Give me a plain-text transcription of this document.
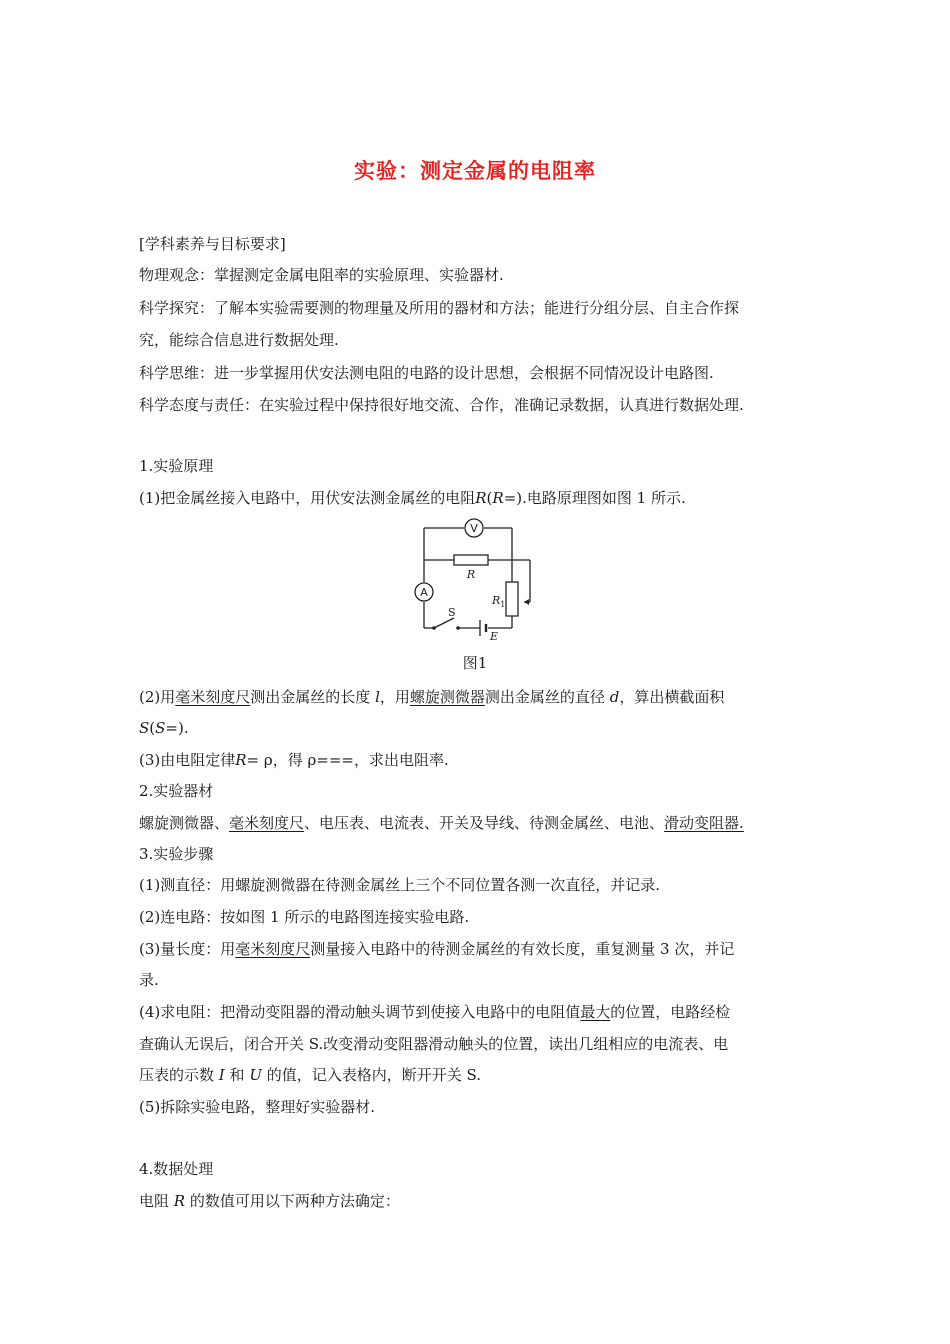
实验：测定金属的电阻率
[学科素养与目标要求]
物理观念：掌握测定金属电阻率的实验原理、实验器材.
科学探究：了解本实验需要测的物理量及所用的器材和方法；能进行分组分层、自主合作探
究，能综合信息进行数据处理.
科学思维：进一步掌握用伏安法测电阻的电路的设计思想，会根据不同情况设计电路图.
科学态度与责任：在实验过程中保持很好地交流、合作，准确记录数据，认真进行数据处理.
1.实验原理
(1)把金属丝接入电路中，用伏安法测金属丝的电阻R(R=).电路原理图如图 1 所示.
V
A
R
$R_1$
S
E
图1
(2)用毫米刻度尺测出金属丝的长度 l，用螺旋测微器测出金属丝的直径 d，算出横截面积
S(S=).
(3)由电阻定律R= ρ，得 ρ===，求出电阻率.
2.实验器材
螺旋测微器、毫米刻度尺、电压表、电流表、开关及导线、待测金属丝、电池、滑动变阻器.
3.实验步骤
(1)测直径：用螺旋测微器在待测金属丝上三个不同位置各测一次直径，并记录.
(2)连电路：按如图 1 所示的电路图连接实验电路.
(3)量长度：用毫米刻度尺测量接入电路中的待测金属丝的有效长度，重复测量 3 次，并记
录.
(4)求电阻：把滑动变阻器的滑动触头调节到使接入电路中的电阻值最大的位置，电路经检
查确认无误后，闭合开关 S.改变滑动变阻器滑动触头的位置，读出几组相应的电流表、电
压表的示数 I 和 U 的值，记入表格内，断开开关 S.
(5)拆除实验电路，整理好实验器材.
4.数据处理
电阻 R 的数值可用以下两种方法确定：
